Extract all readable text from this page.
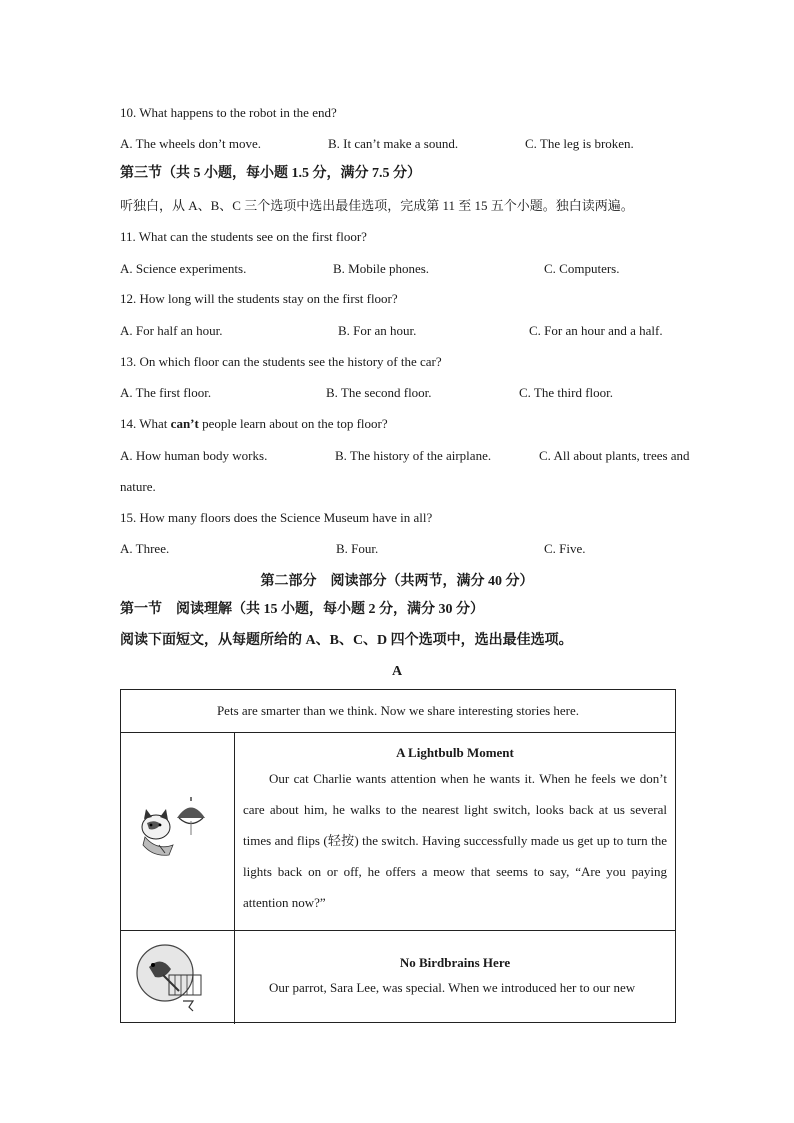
10. What happens to the robot in the end?
A. The wheels don’t move.	B. It can’t make a sound.	C. The leg is broken.
第三节（共 5 小题，每小题 1.5 分，满分 7.5 分）
听独白，从 A、B、C 三个选项中选出最佳选项，完成第 11 至 15 五个小题。独白读两遍。
11. What can the students see on the first floor?
A. Science experiments.	B. Mobile phones.	C. Computers.
12. How long will the students stay on the first floor?
A. For half an hour.	B. For an hour.	C. For an hour and a half.
13. On which floor can the students see the history of the car?
A. The first floor.	B. The second floor.	C. The third floor.
14. What can’t people learn about on the top floor?
A. How human body works.	B. The history of the airplane.	C. All about plants, trees and
nature.
15. How many floors does the Science Museum have in all?
A. Three.	B. Four.	C. Five.
第二部分　阅读部分（共两节，满分 40 分）
第一节　阅读理解（共 15 小题，每小题 2 分，满分 30 分）
阅读下面短文，从每题所给的 A、B、C、D 四个选项中，选出最佳选项。
A
Pets are smarter than we think. Now we share interesting stories here.
A Lightbulb Moment
Our cat Charlie wants attention when he wants it. When he feels we don’t care about him, he walks to the nearest light switch, looks back at us several times and flips (轻按) the switch. Having successfully made us get up to turn the lights back on or off, he offers a meow that seems to say, “Are you paying attention now?”
No Birdbrains Here
Our parrot, Sara Lee, was special. When we introduced her to our new
